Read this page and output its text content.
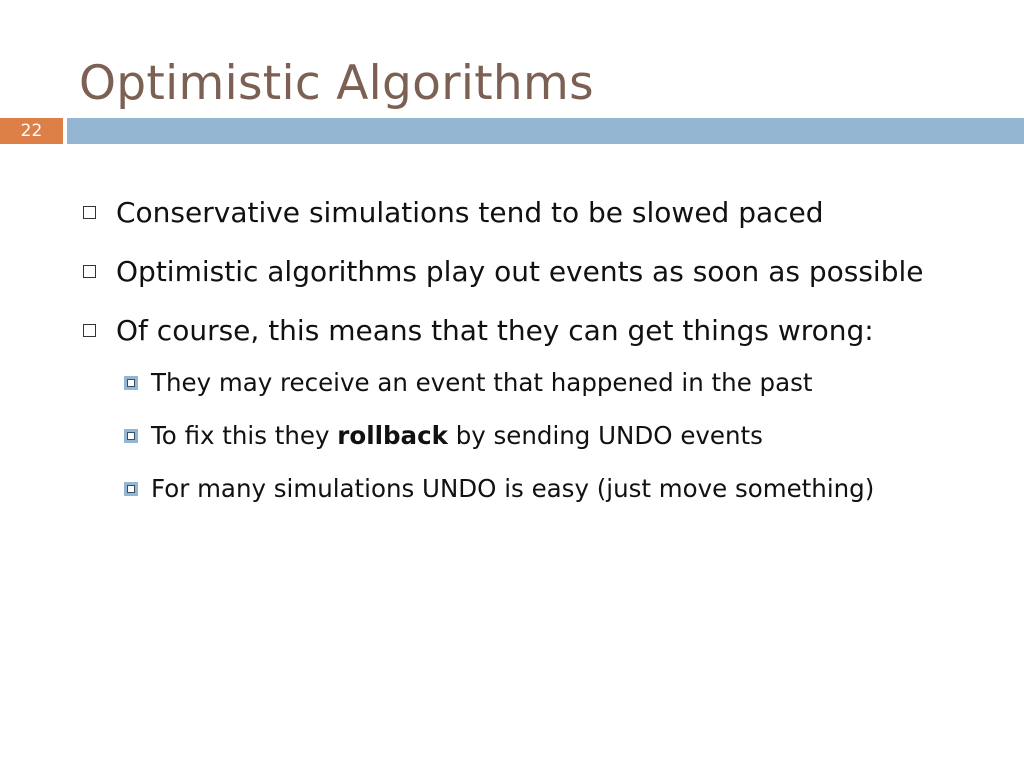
Optimistic Algorithms
22
Conservative simulations tend to be slowed paced
Optimistic algorithms play out events as soon as possible
Of course, this means that they can get things wrong:
They may receive an event that happened in the past
To fix this they rollback by sending UNDO events
For many simulations UNDO is easy (just move something)
